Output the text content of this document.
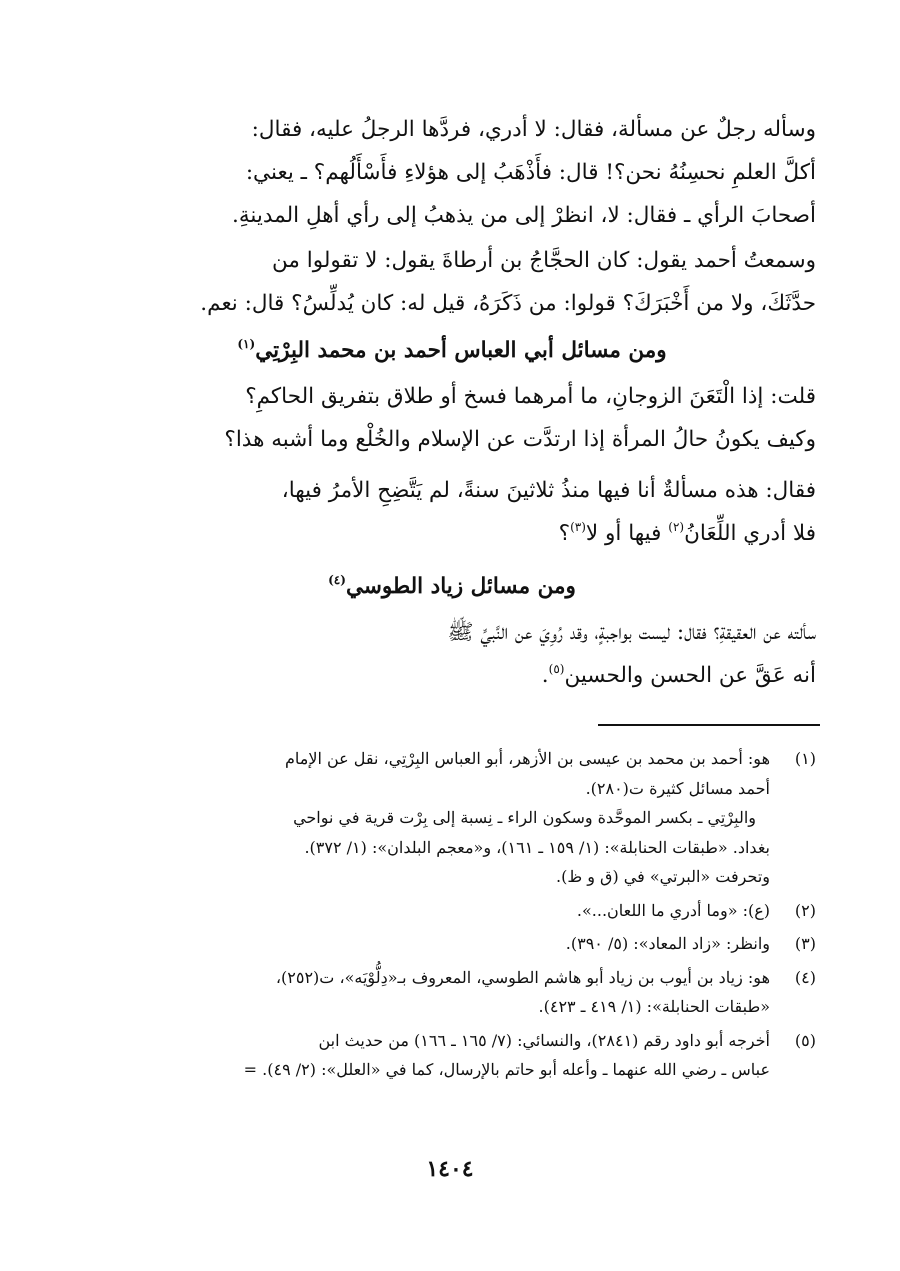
وسأله رجلٌ عن مسألة، فقال: لا أدري، فردَّها الرجلُ عليه، فقال:
أكلَّ العلمِ نحسِنُهُ نحن؟! قال: فأَذْهَبُ إلى هؤلاءِ فأَسْأَلُهم؟ ـ يعني:
أصحابَ الرأي ـ فقال: لا، انظرْ إلى من يذهبُ إلى رأي أهلِ المدينةِ.

وسمعتُ أحمد يقول: كان الحجَّاجُ بن أرطاةَ يقول: لا تقولوا من
حدَّثَكَ، ولا من أَخْبَرَكَ؟ قولوا: من ذَكَرَهُ، قيل له: كان يُدلِّسُ؟ قال: نعم.

ومن مسائل أبي العباس أحمد بن محمد البِرْتِي$^{(١)}$

قلت: إذا الْتَعَنَ الزوجانِ، ما أمرهما فسخ أو طلاق بتفريق الحاكمِ؟
وكيف يكونُ حالُ المرأة إذا ارتدَّت عن الإسلام والخُلْع وما أشبه هذا؟

فقال: هذه مسألةٌ أنا فيها منذُ ثلاثينَ سنةً، لم يَتَّضِحِ الأمرُ فيها،
فلا أدري اللِّعَانُ$^{(٢)}$ فيها أو لا$^{(٣)}$؟

ومن مسائل زياد الطوسي$^{(٤)}$

سألته عن العقيقةِ؟ فقال: ليست بواجبةٍ، وقد رُوِيَ عن النَّبيِّ ﷺ
أنه عَقَّ عن الحسن والحسين$^{(٥)}$.

(١)
هو: أحمد بن محمد بن عيسى بن الأزهر، أبو العباس البِرْتِي، نقل عن الإمام
أحمد مسائل كثيرة ت(٢٨٠).
والبِرْتِي ـ بكسر الموحَّدة وسكون الراء ـ نِسبة إلى بِرْت قرية في نواحي
بغداد. «طبقات الحنابلة»: (١/ ١٥٩ ـ ١٦١)، و«معجم البلدان»: (١/ ٣٧٢).
وتحرفت «البرتي» في (ق و ظ).
(٢)
(ع): «وما أدري ما اللعان...».
(٣)
وانظر: «زاد المعاد»: (٥/ ٣٩٠).
(٤)
هو: زياد بن أيوب بن زياد أبو هاشم الطوسي، المعروف بـ«دِلُّوْيَه»، ت(٢٥٢)،
«طبقات الحنابلة»: (١/ ٤١٩ ـ ٤٢٣).
(٥)
أخرجه أبو داود رقم (٢٨٤١)، والنسائي: (٧/ ١٦٥ ـ ١٦٦) من حديث ابن
عباس ـ رضي الله عنهما ـ وأعله أبو حاتم بالإرسال، كما في «العلل»: (٢/ ٤٩). =
١٤٠٤
